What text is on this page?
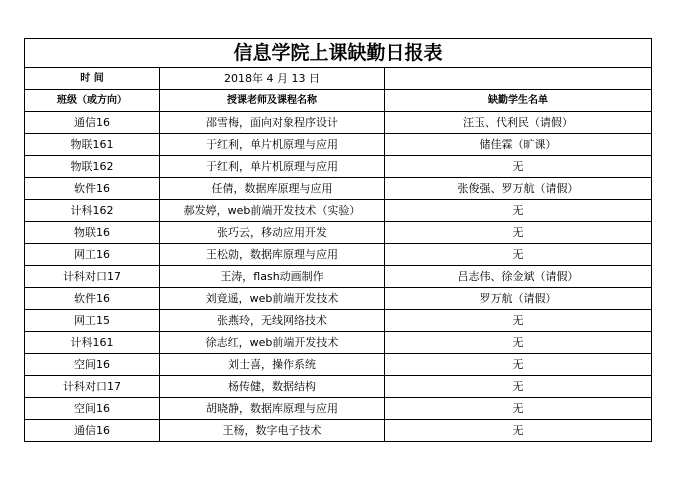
信息学院上课缺勤日报表		
时 间	2018年 4 月 13 日	
班级（或方向）	授课老师及课程名称	缺勤学生名单
通信16	邵雪梅，面向对象程序设计	汪玉、代利民（请假）
物联161	于红利，单片机原理与应用	储佳霖（旷课）
物联162	于红利，单片机原理与应用	无
软件16	任倩，数据库原理与应用	张俊强、罗万航（请假）
计科162	郝发婷，web前端开发技术（实验）	无
物联16	张巧云，移动应用开发	无
网工16	王松勍，数据库原理与应用	无
计科对口17	王涛，flash动画制作	吕志伟、徐金斌（请假）
软件16	刘竟遥，web前端开发技术	罗万航（请假）
网工15	张燕玲，无线网络技术	无
计科161	徐志红，web前端开发技术	无
空间16	刘士喜，操作系统	无
计科对口17	杨传健，数据结构	无
空间16	胡晓静，数据库原理与应用	无
通信16	王杨，数字电子技术	无
